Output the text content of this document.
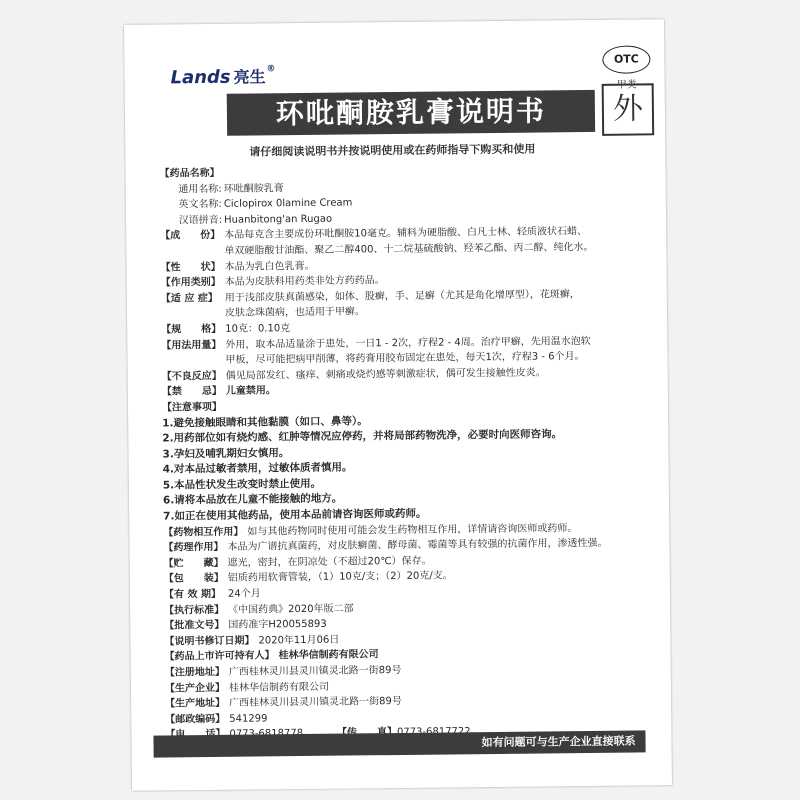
Lands 亮生®
OTC
甲类
环吡酮胺乳膏说明书	外
请仔细阅读说明书并按说明使用或在药师指导下购买和使用
【药品名称】
通用名称: 环吡酮胺乳膏
英文名称: Ciclopirox 0lamine Cream
汉语拼音: Huanbitong'an Rugao
【成　　份】 本品每克含主要成份环吡酮胺10毫克。辅料为硬脂酸、白凡士林、轻质液状石蜡、
单双硬脂酸甘油酯、聚乙二醇400、十二烷基硫酸钠、羟苯乙酯、丙二醇、纯化水。
【性　　状】 本品为乳白色乳膏。
【作用类别】 本品为皮肤科用药类非处方药药品。
【适 应 症】 用于浅部皮肤真菌感染，如体、股癣，手、足癣（尤其是角化增厚型），花斑癣，
皮肤念珠菌病，也适用于甲癣。
【规　　格】 10克：0.10克
【用法用量】 外用，取本品适量涂于患处，一日1 - 2次，疗程2 - 4周。治疗甲癣，先用温水泡软
甲板，尽可能把病甲削薄，将药膏用胶布固定在患处，每天1次，疗程3 - 6个月。
【不良反应】 偶见局部发红、瘙痒、刺痛或烧灼感等刺激症状，偶可发生接触性皮炎。
【禁　　忌】 儿童禁用。
【注意事项】
1.避免接触眼睛和其他黏膜（如口、鼻等）。
2.用药部位如有烧灼感、红肿等情况应停药，并将局部药物洗净，必要时向医师咨询。
3.孕妇及哺乳期妇女慎用。
4.对本品过敏者禁用，过敏体质者慎用。
5.本品性状发生改变时禁止使用。
6.请将本品放在儿童不能接触的地方。
7.如正在使用其他药品，使用本品前请咨询医师或药师。
【药物相互作用】 如与其他药物同时使用可能会发生药物相互作用，详情请咨询医师或药师。
【药理作用】 本品为广谱抗真菌药，对皮肤癣菌、酵母菌、霉菌等具有较强的抗菌作用，渗透性强。
【贮　　藏】 遮光，密封，在阴凉处（不超过20℃）保存。
【包　　装】 铝质药用软膏管装，（1）10克/支；（2）20克/支。
【有 效 期】 24个月
【执行标准】 《中国药典》2020年版二部
【批准文号】 国药准字H20055893
【说明书修订日期】 2020年11月06日
【药品上市许可持有人】 桂林华信制药有限公司
【注册地址】 广西桂林灵川县灵川镇灵北路一街89号
【生产企业】 桂林华信制药有限公司
【生产地址】 广西桂林灵川县灵川镇灵北路一街89号
【邮政编码】 541299
如有问题可与生产企业直接联系
